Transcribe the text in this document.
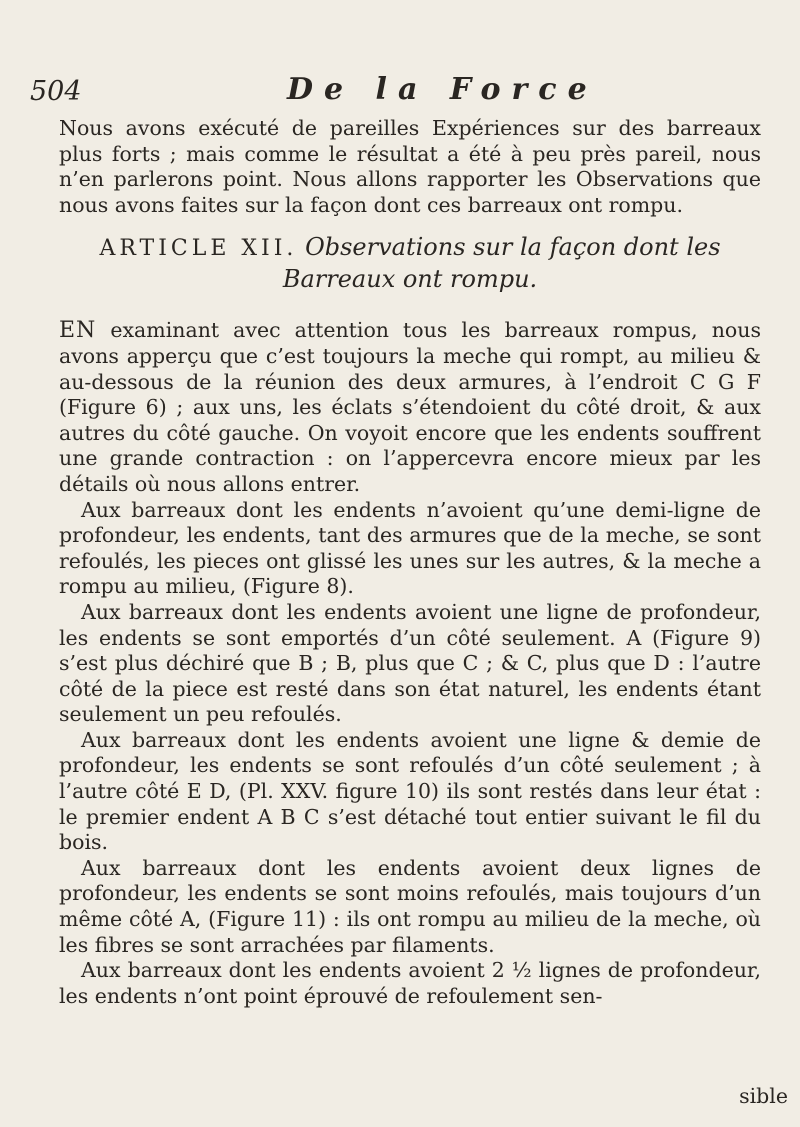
504	De la Force

Nous avons exécuté de pareilles Expériences sur des barreaux plus forts ; mais comme le résultat a été à peu près pareil, nous n’en parlerons point. Nous allons rapporter les Observations que nous avons faites sur la façon dont ces barreaux ont rompu.

ARTICLE XII. Observations sur la façon dont les Barreaux ont rompu.

EN examinant avec attention tous les barreaux rompus, nous avons apperçu que c’est toujours la meche qui rompt, au milieu & au-dessous de la réunion des deux armures, à l’endroit C G F (Figure 6) ; aux uns, les éclats s’étendoient du côté droit, & aux autres du côté gauche. On voyoit encore que les endents souffrent une grande contraction : on l’appercevra encore mieux par les détails où nous allons entrer.

Aux barreaux dont les endents n’avoient qu’une demi-ligne de profondeur, les endents, tant des armures que de la meche, se sont refoulés, les pieces ont glissé les unes sur les autres, & la meche a rompu au milieu, (Figure 8).

Aux barreaux dont les endents avoient une ligne de profondeur, les endents se sont emportés d’un côté seulement. A (Figure 9) s’est plus déchiré que B ; B, plus que C ; & C, plus que D : l’autre côté de la piece est resté dans son état naturel, les endents étant seulement un peu refoulés.

Aux barreaux dont les endents avoient une ligne & demie de profondeur, les endents se sont refoulés d’un côté seulement ; à l’autre côté E D, (Pl. XXV. figure 10) ils sont restés dans leur état : le premier endent A B C s’est détaché tout entier suivant le fil du bois.

Aux barreaux dont les endents avoient deux lignes de profondeur, les endents se sont moins refoulés, mais toujours d’un même côté A, (Figure 11) : ils ont rompu au milieu de la meche, où les fibres se sont arrachées par filaments.

Aux barreaux dont les endents avoient 2 ½ lignes de profondeur, les endents n’ont point éprouvé de refoulement sen-

sible
